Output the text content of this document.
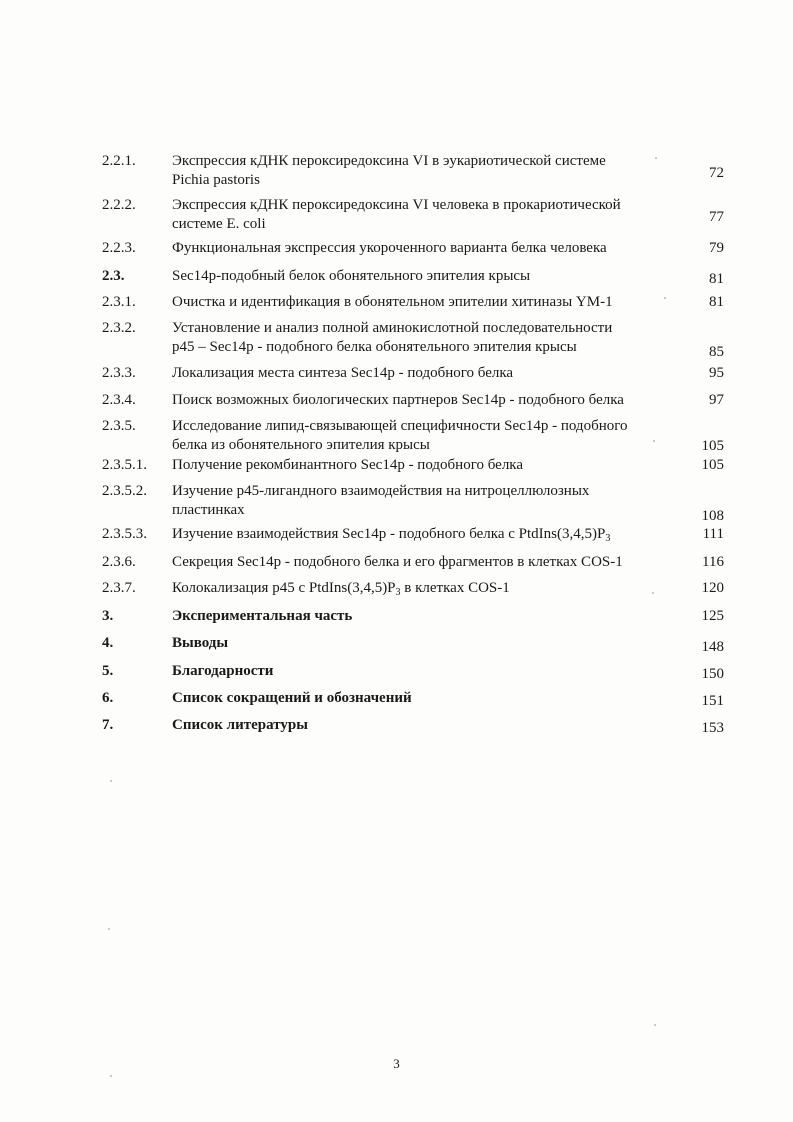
2.2.1. Экспрессия кДНК пероксиредоксина VI в эукариотической системе
Pichia pastoris	72
2.2.2. Экспрессия кДНК пероксиредоксина VI человека в прокариотической
системе E. coli	77
2.2.3. Функциональная экспрессия укороченного варианта белка человека	79
2.3.	Sec14p-подобный белок обонятельного эпителия крысы	81
2.3.1. Очистка и идентификация в обонятельном эпителии хитиназы YM-1	81
2.3.2. Установление и анализ полной аминокислотной последовательности
p45 – Sec14p - подобного белка обонятельного эпителия крысы	85
2.3.3. Локализация места синтеза Sec14p - подобного белка	95
2.3.4. Поиск возможных биологических партнеров Sec14p - подобного белка	97
2.3.5. Исследование липид-связывающей специфичности Sec14p - подобного
белка из обонятельного эпителия крысы	105
2.3.5.1. Получение рекомбинантного Sec14p - подобного белка	105
2.3.5.2. Изучение р45-лигандного взаимодействия на нитроцеллюлозных
пластинках	108
2.3.5.3. Изучение взаимодействия Sec14p - подобного белка с $PtdIns(3,4,5)P_3$	111
2.3.6. Секреция Sec14p - подобного белка и его фрагментов в клетках COS-1	116
2.3.7. Колокализация p45 с $PtdIns(3,4,5)P_3$ в клетках COS-1	120
3.	Экспериментальная часть	125
4.	Выводы	148
5.	Благодарности	150
6.	Список сокращений и обозначений	151
7.	Список литературы	153
3
